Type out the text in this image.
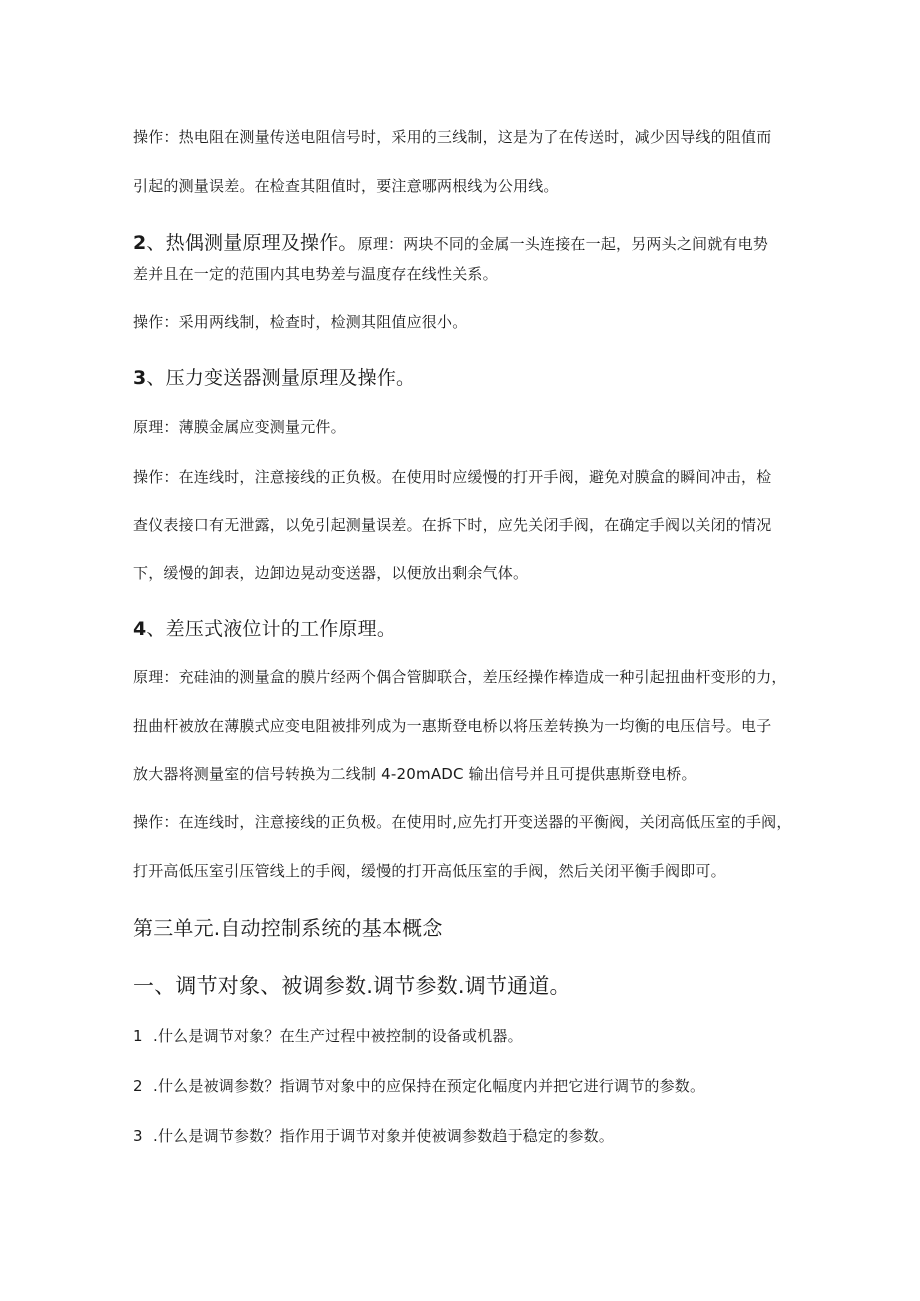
操作：热电阻在测量传送电阻信号时，采用的三线制，这是为了在传送时，减少因导线的阻值而
引起的测量误差。在检查其阻值时，要注意哪两根线为公用线。
2、热偶测量原理及操作。原理：两块不同的金属一头连接在一起，另两头之间就有电势
差并且在一定的范围内其电势差与温度存在线性关系。
操作：采用两线制，检查时，检测其阻值应很小。
3、压力变送器测量原理及操作。
原理：薄膜金属应变测量元件。
操作：在连线时，注意接线的正负极。在使用时应缓慢的打开手阀，避免对膜盒的瞬间冲击，检
查仪表接口有无泄露，以免引起测量误差。在拆下时，应先关闭手阀，在确定手阀以关闭的情况
下，缓慢的卸表，边卸边晃动变送器，以便放出剩余气体。
4、差压式液位计的工作原理。
原理：充硅油的测量盒的膜片经两个偶合管脚联合，差压经操作棒造成一种引起扭曲杆变形的力，
扭曲杆被放在薄膜式应变电阻被排列成为一惠斯登电桥以将压差转换为一均衡的电压信号。电子
放大器将测量室的信号转换为二线制 4-20mADC 输出信号并且可提供惠斯登电桥。
操作：在连线时，注意接线的正负极。在使用时,应先打开变送器的平衡阀，关闭高低压室的手阀，
打开高低压室引压管线上的手阀，缓慢的打开高低压室的手阀，然后关闭平衡手阀即可。
第三单元.自动控制系统的基本概念
一、调节对象、被调参数.调节参数.调节通道。
1 .什么是调节对象？在生产过程中被控制的设备或机器。
2 .什么是被调参数？指调节对象中的应保持在预定化幅度内并把它进行调节的参数。
3 .什么是调节参数？指作用于调节对象并使被调参数趋于稳定的参数。
